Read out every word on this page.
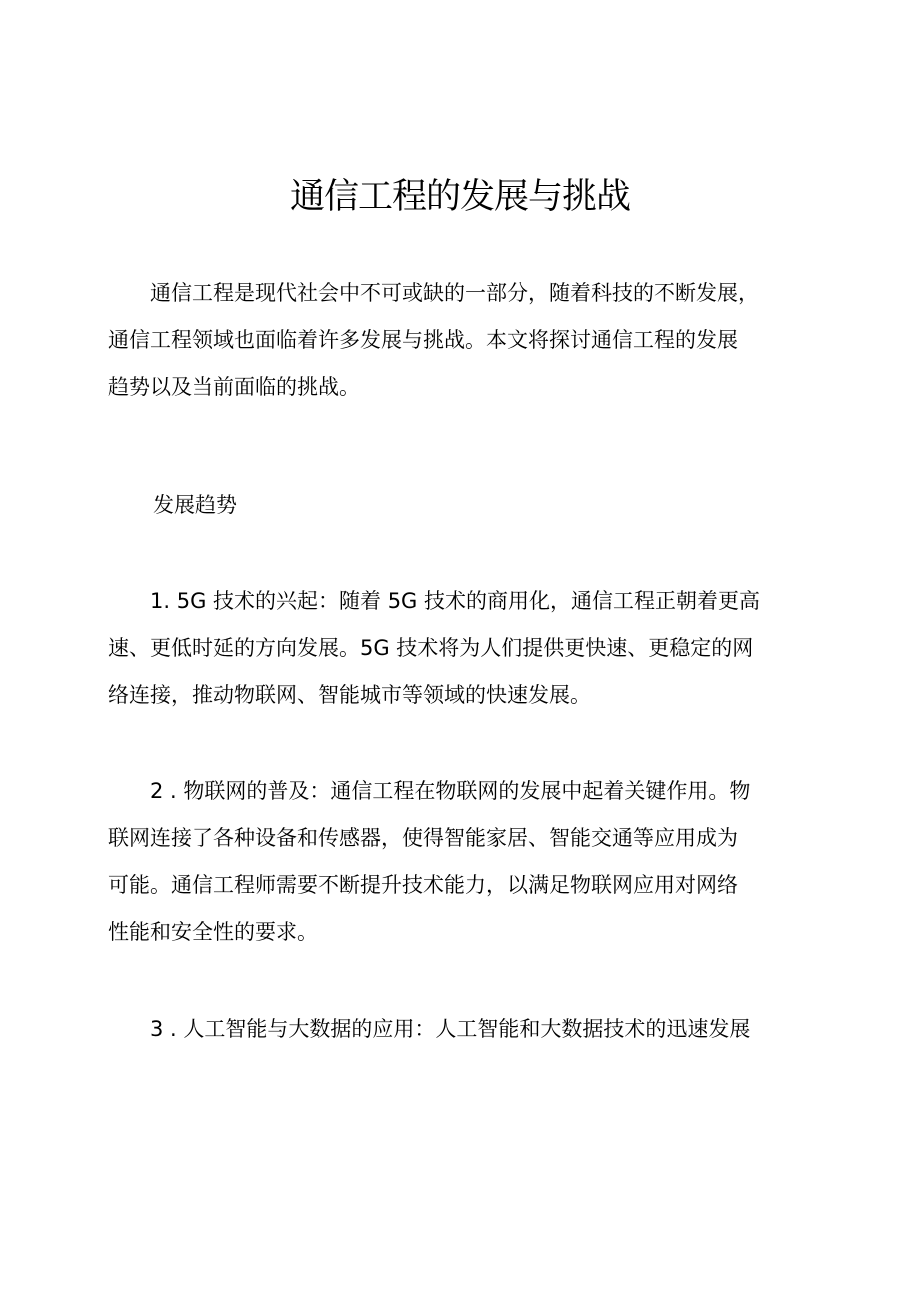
通信工程的发展与挑战

　　通信工程是现代社会中不可或缺的一部分，随着科技的不断发展，
通信工程领域也面临着许多发展与挑战。本文将探讨通信工程的发展
趋势以及当前面临的挑战。

发展趋势

　　1. 5G 技术的兴起：随着 5G 技术的商用化，通信工程正朝着更高
速、更低时延的方向发展。5G 技术将为人们提供更快速、更稳定的网
络连接，推动物联网、智能城市等领域的快速发展。

　　2 . 物联网的普及：通信工程在物联网的发展中起着关键作用。物
联网连接了各种设备和传感器，使得智能家居、智能交通等应用成为
可能。通信工程师需要不断提升技术能力，以满足物联网应用对网络
性能和安全性的要求。

　　3 . 人工智能与大数据的应用：人工智能和大数据技术的迅速发展
